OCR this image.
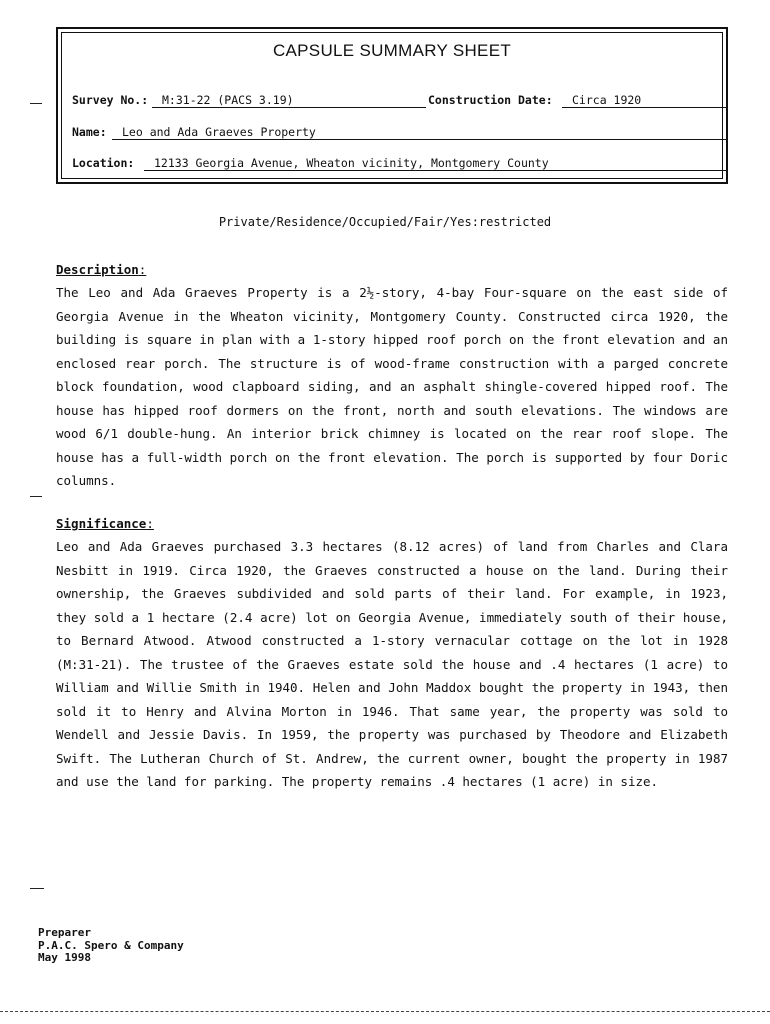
CAPSULE SUMMARY SHEET
Survey No.:	M:31-22 (PACS 3.19)	Construction Date:	Circa 1920
Name:	Leo and Ada Graeves Property
Location:	12133 Georgia Avenue, Wheaton vicinity, Montgomery County
Private/Residence/Occupied/Fair/Yes:restricted
Description:

The Leo and Ada Graeves Property is a 2½-story, 4-bay Four-square on the east side of Georgia Avenue in the Wheaton vicinity, Montgomery County. Constructed circa 1920, the building is square in plan with a 1-story hipped roof porch on the front elevation and an enclosed rear porch. The structure is of wood-frame construction with a parged concrete block foundation, wood clapboard siding, and an asphalt shingle-covered hipped roof. The house has hipped roof dormers on the front, north and south elevations. The windows are wood 6/1 double-hung. An interior brick chimney is located on the rear roof slope. The house has a full-width porch on the front elevation. The porch is supported by four Doric columns.

Significance:

Leo and Ada Graeves purchased 3.3 hectares (8.12 acres) of land from Charles and Clara Nesbitt in 1919. Circa 1920, the Graeves constructed a house on the land. During their ownership, the Graeves subdivided and sold parts of their land. For example, in 1923, they sold a 1 hectare (2.4 acre) lot on Georgia Avenue, immediately south of their house, to Bernard Atwood. Atwood constructed a 1-story vernacular cottage on the lot in 1928 (M:31-21). The trustee of the Graeves estate sold the house and .4 hectares (1 acre) to William and Willie Smith in 1940. Helen and John Maddox bought the property in 1943, then sold it to Henry and Alvina Morton in 1946. That same year, the property was sold to Wendell and Jessie Davis. In 1959, the property was purchased by Theodore and Elizabeth Swift. The Lutheran Church of St. Andrew, the current owner, bought the property in 1987 and use the land for parking. The property remains .4 hectares (1 acre) in size.

Preparer
P.A.C. Spero & Company
May 1998
